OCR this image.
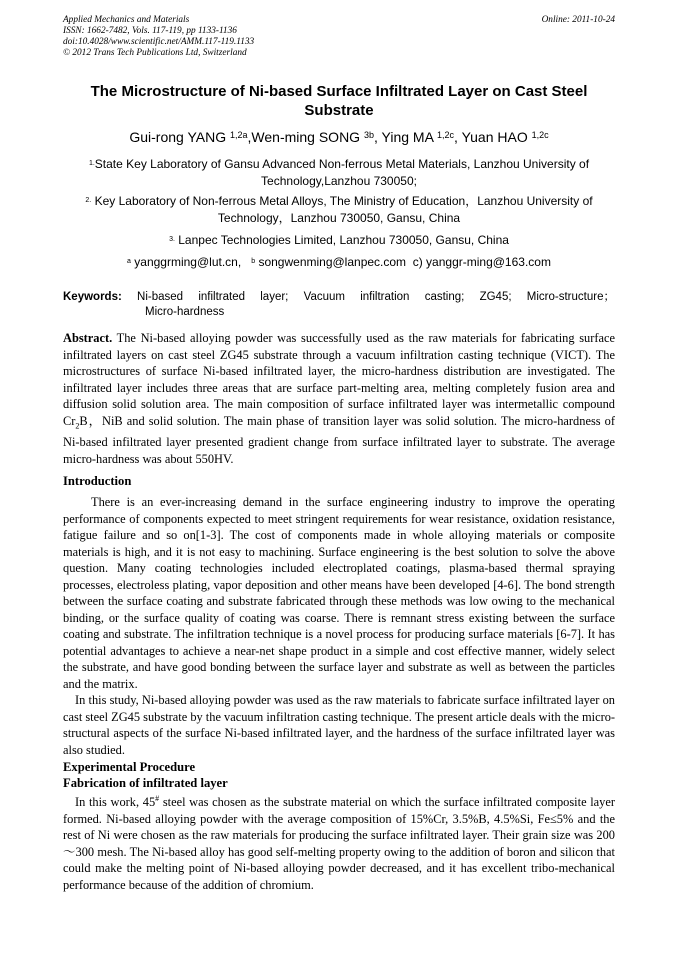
Applied Mechanics and Materials	Online: 2011-10-24
ISSN: 1662-7482, Vols. 117-119, pp 1133-1136
doi:10.4028/www.scientific.net/AMM.117-119.1133
© 2012 Trans Tech Publications Ltd, Switzerland
The Microstructure of Ni-based Surface Infiltrated Layer on Cast Steel Substrate
Gui-rong YANG $^{1,2a}$,Wen-ming SONG $^{3b}$, Ying MA $^{1,2c}$, Yuan HAO $^{1,2c}$
$^{1.}$State Key Laboratory of Gansu Advanced Non-ferrous Metal Materials, Lanzhou University of Technology,Lanzhou 730050;
$^{2.}$ Key Laboratory of Non-ferrous Metal Alloys, The Ministry of Education，Lanzhou University of Technology，Lanzhou 730050, Gansu, China
$^{3.}$ Lanpec Technologies Limited, Lanzhou 730050, Gansu, China
$^a$ yanggrming@lut.cn, $^b$ songwenming@lanpec.com c) yanggr-ming@163.com
Keywords: Ni-based infiltrated layer; Vacuum infiltration casting; ZG45; Micro-structure；
Micro-hardness
Abstract. The Ni-based alloying powder was successfully used as the raw materials for fabricating surface infiltrated layers on cast steel ZG45 substrate through a vacuum infiltration casting technique (VICT). The microstructures of surface Ni-based infiltrated layer, the micro-hardness distribution are investigated. The infiltrated layer includes three areas that are surface part-melting area, melting completely fusion area and diffusion solid solution area. The main composition of surface infiltrated layer was intermetallic compound $Cr_2B$，NiB and solid solution. The main phase of transition layer was solid solution. The micro-hardness of Ni-based infiltrated layer presented gradient change from surface infiltrated layer to substrate. The average micro-hardness was about 550HV.
Introduction
There is an ever-increasing demand in the surface engineering industry to improve the operating performance of components expected to meet stringent requirements for wear resistance, oxidation resistance, fatigue failure and so on[1-3]. The cost of components made in whole alloying materials or composite materials is high, and it is not easy to machining. Surface engineering is the best solution to solve the above question. Many coating technologies included electroplated coatings, plasma-based thermal spraying processes, electroless plating, vapor deposition and other means have been developed [4-6]. The bond strength between the surface coating and substrate fabricated through these methods was low owing to the mechanical binding, or the surface quality of coating was coarse. There is remnant stress existing between the surface coating and substrate. The infiltration technique is a novel process for producing surface materials [6-7]. It has potential advantages to achieve a near-net shape product in a simple and cost effective manner, widely select the substrate, and have good bonding between the surface layer and substrate as well as between the particles and the matrix.
In this study, Ni-based alloying powder was used as the raw materials to fabricate surface infiltrated layer on cast steel ZG45 substrate by the vacuum infiltration casting technique. The present article deals with the micro-structural aspects of the surface Ni-based infiltrated layer, and the hardness of the surface infiltrated layer was also studied.
Experimental Procedure
Fabrication of infiltrated layer
In this work, 45# steel was chosen as the substrate material on which the surface infiltrated composite layer formed. Ni-based alloying powder with the average composition of 15%Cr, 3.5%B, 4.5%Si, Fe≤5% and the rest of Ni were chosen as the raw materials for producing the surface infiltrated layer. Their grain size was 200～300 mesh. The Ni-based alloy has good self-melting property owing to the addition of boron and silicon that could make the melting point of Ni-based alloying powder decreased, and it has excellent tribo-mechanical performance because of the addition of chromium.
